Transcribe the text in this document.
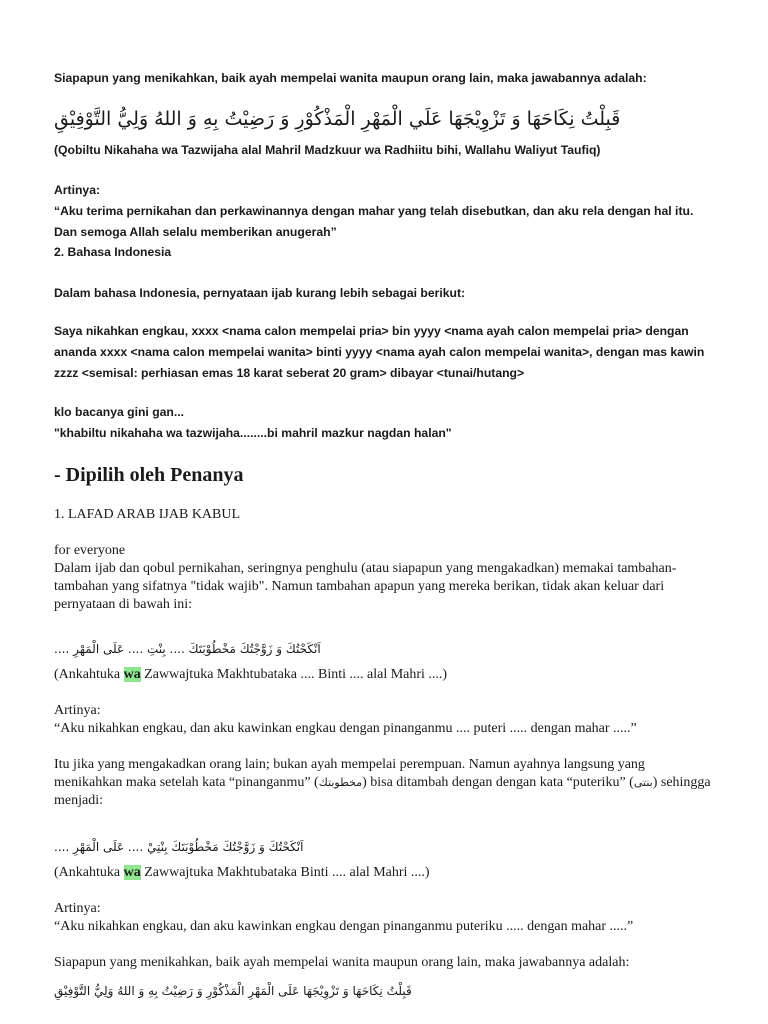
Siapapun yang menikahkan, baik ayah mempelai wanita maupun orang lain, maka jawabannya adalah:

قَبِلْتُ نِكَاحَهَا وَ تَزْوِيْجَهَا عَلَي الْمَهْرِ الْمَذْكُوْرِ وَ رَضِيْتُ بِهِ وَ اللهُ وَلِيُّ التَّوْفِيْقِ

(Qobiltu Nikahaha wa Tazwijaha alal Mahril Madzkuur wa Radhiitu bihi, Wallahu Waliyut Taufiq)

Artinya:

“Aku terima pernikahan dan perkawinannya dengan mahar yang telah disebutkan, dan aku rela dengan hal itu. Dan semoga Allah selalu memberikan anugerah”

2. Bahasa Indonesia

Dalam bahasa Indonesia, pernyataan ijab kurang lebih sebagai berikut:

Saya nikahkan engkau, xxxx <nama calon mempelai pria> bin yyyy <nama ayah calon mempelai pria> dengan ananda xxxx <nama calon mempelai wanita> binti yyyy <nama ayah calon mempelai wanita>, dengan mas kawin zzzz <semisal: perhiasan emas 18 karat seberat 20 gram> dibayar <tunai/hutang>

klo bacanya gini gan...

"khabiltu nikahaha wa tazwijaha........bi mahril mazkur nagdan halan"

- Dipilih oleh Penanya

1. LAFAD ARAB IJAB KABUL

for everyone

Dalam ijab dan qobul pernikahan, seringnya penghulu (atau siapapun yang mengakadkan) memakai tambahan-tambahan yang sifatnya "tidak wajib". Namun tambahan apapun yang mereka berikan, tidak akan keluar dari pernyataan di bawah ini:

اَنْكَحْتُكَ وَ زَوَّجْتُكَ مَخْطُوْبَتَكَ .... بِنْتِ .... عَلَى الْمَهْرِ ....

(Ankahtuka wa Zawwajtuka Makhtubataka .... Binti .... alal Mahri ....)

Artinya:

“Aku nikahkan engkau, dan aku kawinkan engkau dengan pinanganmu .... puteri ..... dengan mahar .....”

Itu jika yang mengakadkan orang lain; bukan ayah mempelai perempuan. Namun ayahnya langsung yang menikahkan maka setelah kata “pinanganmu” (مخطوبتك) bisa ditambah dengan dengan kata “puteriku” (بنتى) sehingga menjadi:

اَنْكَحْتُكَ وَ زَوَّجْتُكَ مَخْطُوْبَتَكَ بِنْتِيْ .... عَلَى الْمَهْرِ ....

(Ankahtuka wa Zawwajtuka Makhtubataka Binti .... alal Mahri ....)

Artinya:

“Aku nikahkan engkau, dan aku kawinkan engkau dengan pinanganmu puteriku ..... dengan mahar .....”

Siapapun yang menikahkan, baik ayah mempelai wanita maupun orang lain, maka jawabannya adalah:

قَبِلْتُ نِكَاحَهَا وَ تَزْوِيْجَهَا عَلَى الْمَهْرِ الْمَذْكُوْرِ وَ رَضِيْتُ بِهِ وَ اللهُ وَلِيُّ التَّوْفِيْقِ
